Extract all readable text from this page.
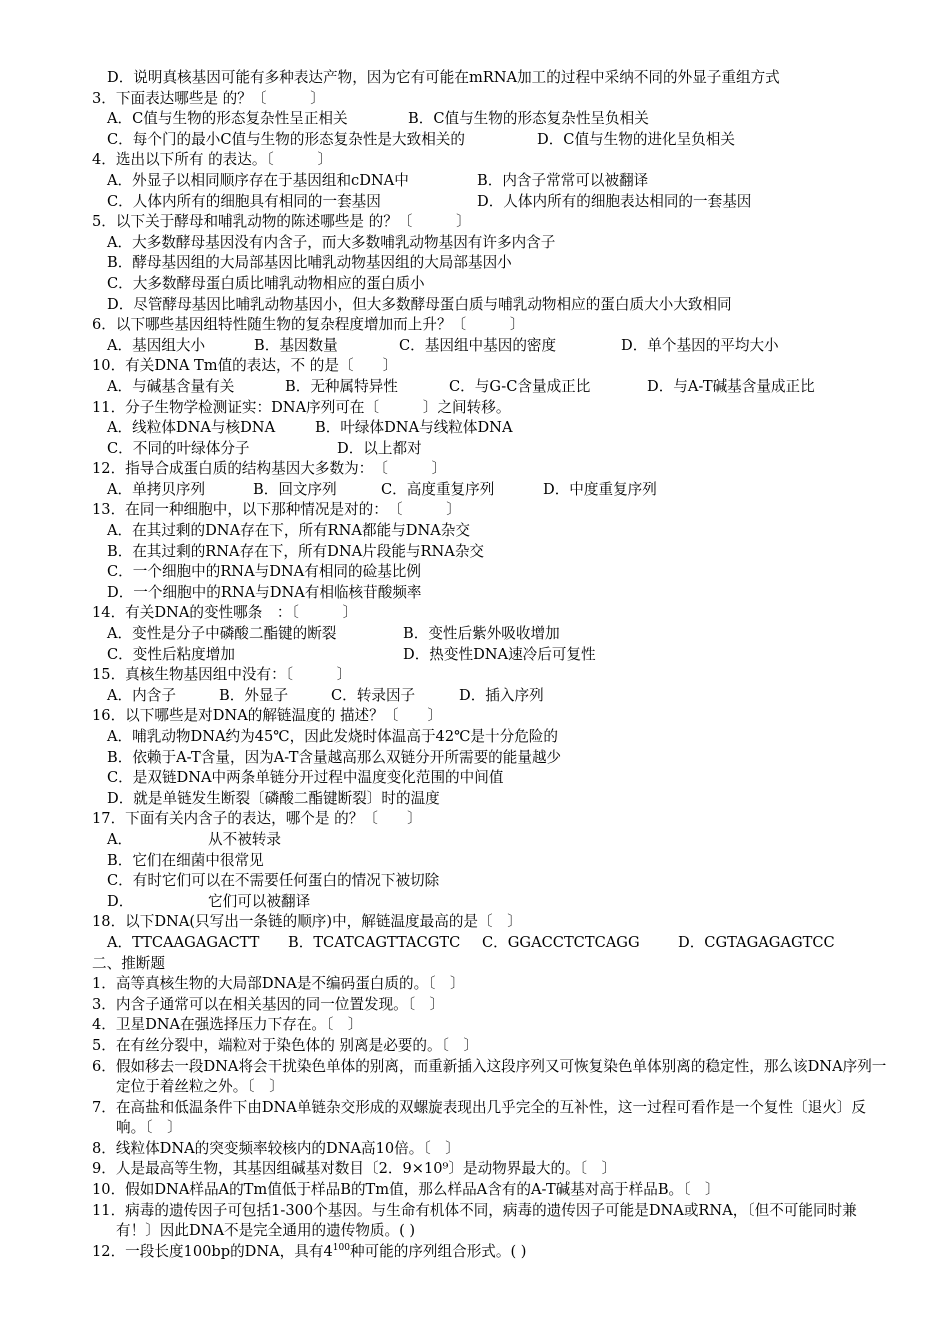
D．说明真核基因可能有多种表达产物，因为它有可能在mRNA加工的过程中采纳不同的外显子重组方式
3．下面表达哪些是 的？〔　　　〕
A．C值与生物的形态复杂性呈正相关	B．C值与生物的形态复杂性呈负相关
C．每个门的最小C值与生物的形态复杂性是大致相关的	D．C值与生物的进化呈负相关
4．选出以下所有 的表达。〔　　　〕
A．外显子以相同顺序存在于基因组和cDNA中	B．内含子常常可以被翻译
C．人体内所有的细胞具有相同的一套基因	D．人体内所有的细胞表达相同的一套基因
5．以下关于酵母和哺乳动物的陈述哪些是 的？〔　　　〕
A．大多数酵母基因没有内含子，而大多数哺乳动物基因有许多内含子
B．酵母基因组的大局部基因比哺乳动物基因组的大局部基因小
C．大多数酵母蛋白质比哺乳动物相应的蛋白质小
D．尽管酵母基因比哺乳动物基因小，但大多数酵母蛋白质与哺乳动物相应的蛋白质大小大致相同
6．以下哪些基因组特性随生物的复杂程度增加而上升？〔　　　〕
A．基因组大小	B．基因数量	C．基因组中基因的密度	D．单个基因的平均大小
10．有关DNA Tm值的表达，不 的是〔　　〕
A．与碱基含量有关	B．无种属特异性	C．与G-C含量成正比	D．与A-T碱基含量成正比
11．分子生物学检测证实：DNA序列可在〔　　　〕之间转移。
A．线粒体DNA与核DNA	B．叶绿体DNA与线粒体DNA
C．不同的叶绿体分子	D．以上都对
12．指导合成蛋白质的结构基因大多数为：　〔　　　〕
A．单拷贝序列	B．回文序列	C．高度重复序列	D．中度重复序列
13．在同一种细胞中，以下那种情况是对的：　〔　　　〕
A．在其过剩的DNA存在下，所有RNA都能与DNA杂交
B．在其过剩的RNA存在下，所有DNA片段能与RNA杂交
C．一个细胞中的RNA与DNA有相同的硷基比例
D．一个细胞中的RNA与DNA有相临核苷酸频率
14．有关DNA的变性哪条　：〔　　　〕
A．变性是分子中磷酸二酯键的断裂	B．变性后紫外吸收增加
C．变性后粘度增加	D．热变性DNA速冷后可复性
15．真核生物基因组中没有：〔　　　〕
A．内含子	B．外显子	C．转录因子	D．插入序列
16．以下哪些是对DNA的解链温度的 描述？〔　　〕
A．哺乳动物DNA约为45℃，因此发烧时体温高于42℃是十分危险的
B．依赖于A-T含量，因为A-T含量越高那么双链分开所需要的能量越少
C．是双链DNA中两条单链分开过程中温度变化范围的中间值
D．就是单链发生断裂〔磷酸二酯键断裂〕时的温度
17．下面有关内含子的表达，哪个是 的？〔　　〕
A．	从不被转录
B．它们在细菌中很常见
C．有时它们可以在不需要任何蛋白的情况下被切除
D．	它们可以被翻译
18．以下DNA(只写出一条链的顺序)中，解链温度最高的是〔　〕
A．TTCAAGAGACTT B．TCATCAGTTACGTC C．GGACCTCTCAGG	D．CGTAGAGAGTCC
二、推断题
1．高等真核生物的大局部DNA是不编码蛋白质的。〔　〕
3．内含子通常可以在相关基因的同一位置发现。〔　〕
4．卫星DNA在强选择压力下存在。〔　〕
5．在有丝分裂中，端粒对于染色体的 别离是必要的。〔　〕
6．假如移去一段DNA将会干扰染色单体的别离，而重新插入这段序列又可恢复染色单体别离的稳定性，那么该DNA序列一定位于着丝粒之外。〔　〕
7．在高盐和低温条件下由DNA单链杂交形成的双螺旋表现出几乎完全的互补性，这一过程可看作是一个复性〔退火〕反响。〔　〕
8．线粒体DNA的突变频率较核内的DNA高10倍。〔　〕
9．人是最高等生物，其基因组碱基对数目〔2．9×10⁹〕是动物界最大的。〔　〕
10．假如DNA样品A的Tm值低于样品B的Tm值，那么样品A含有的A-T碱基对高于样品B。〔　〕
11．病毒的遗传因子可包括1-300个基因。与生命有机体不同，病毒的遗传因子可能是DNA或RNA，〔但不可能同时兼有！〕因此DNA不是完全通用的遗传物质。( )
12．一段长度100bp的DNA，具有$4^{100}$种可能的序列组合形式。( )
